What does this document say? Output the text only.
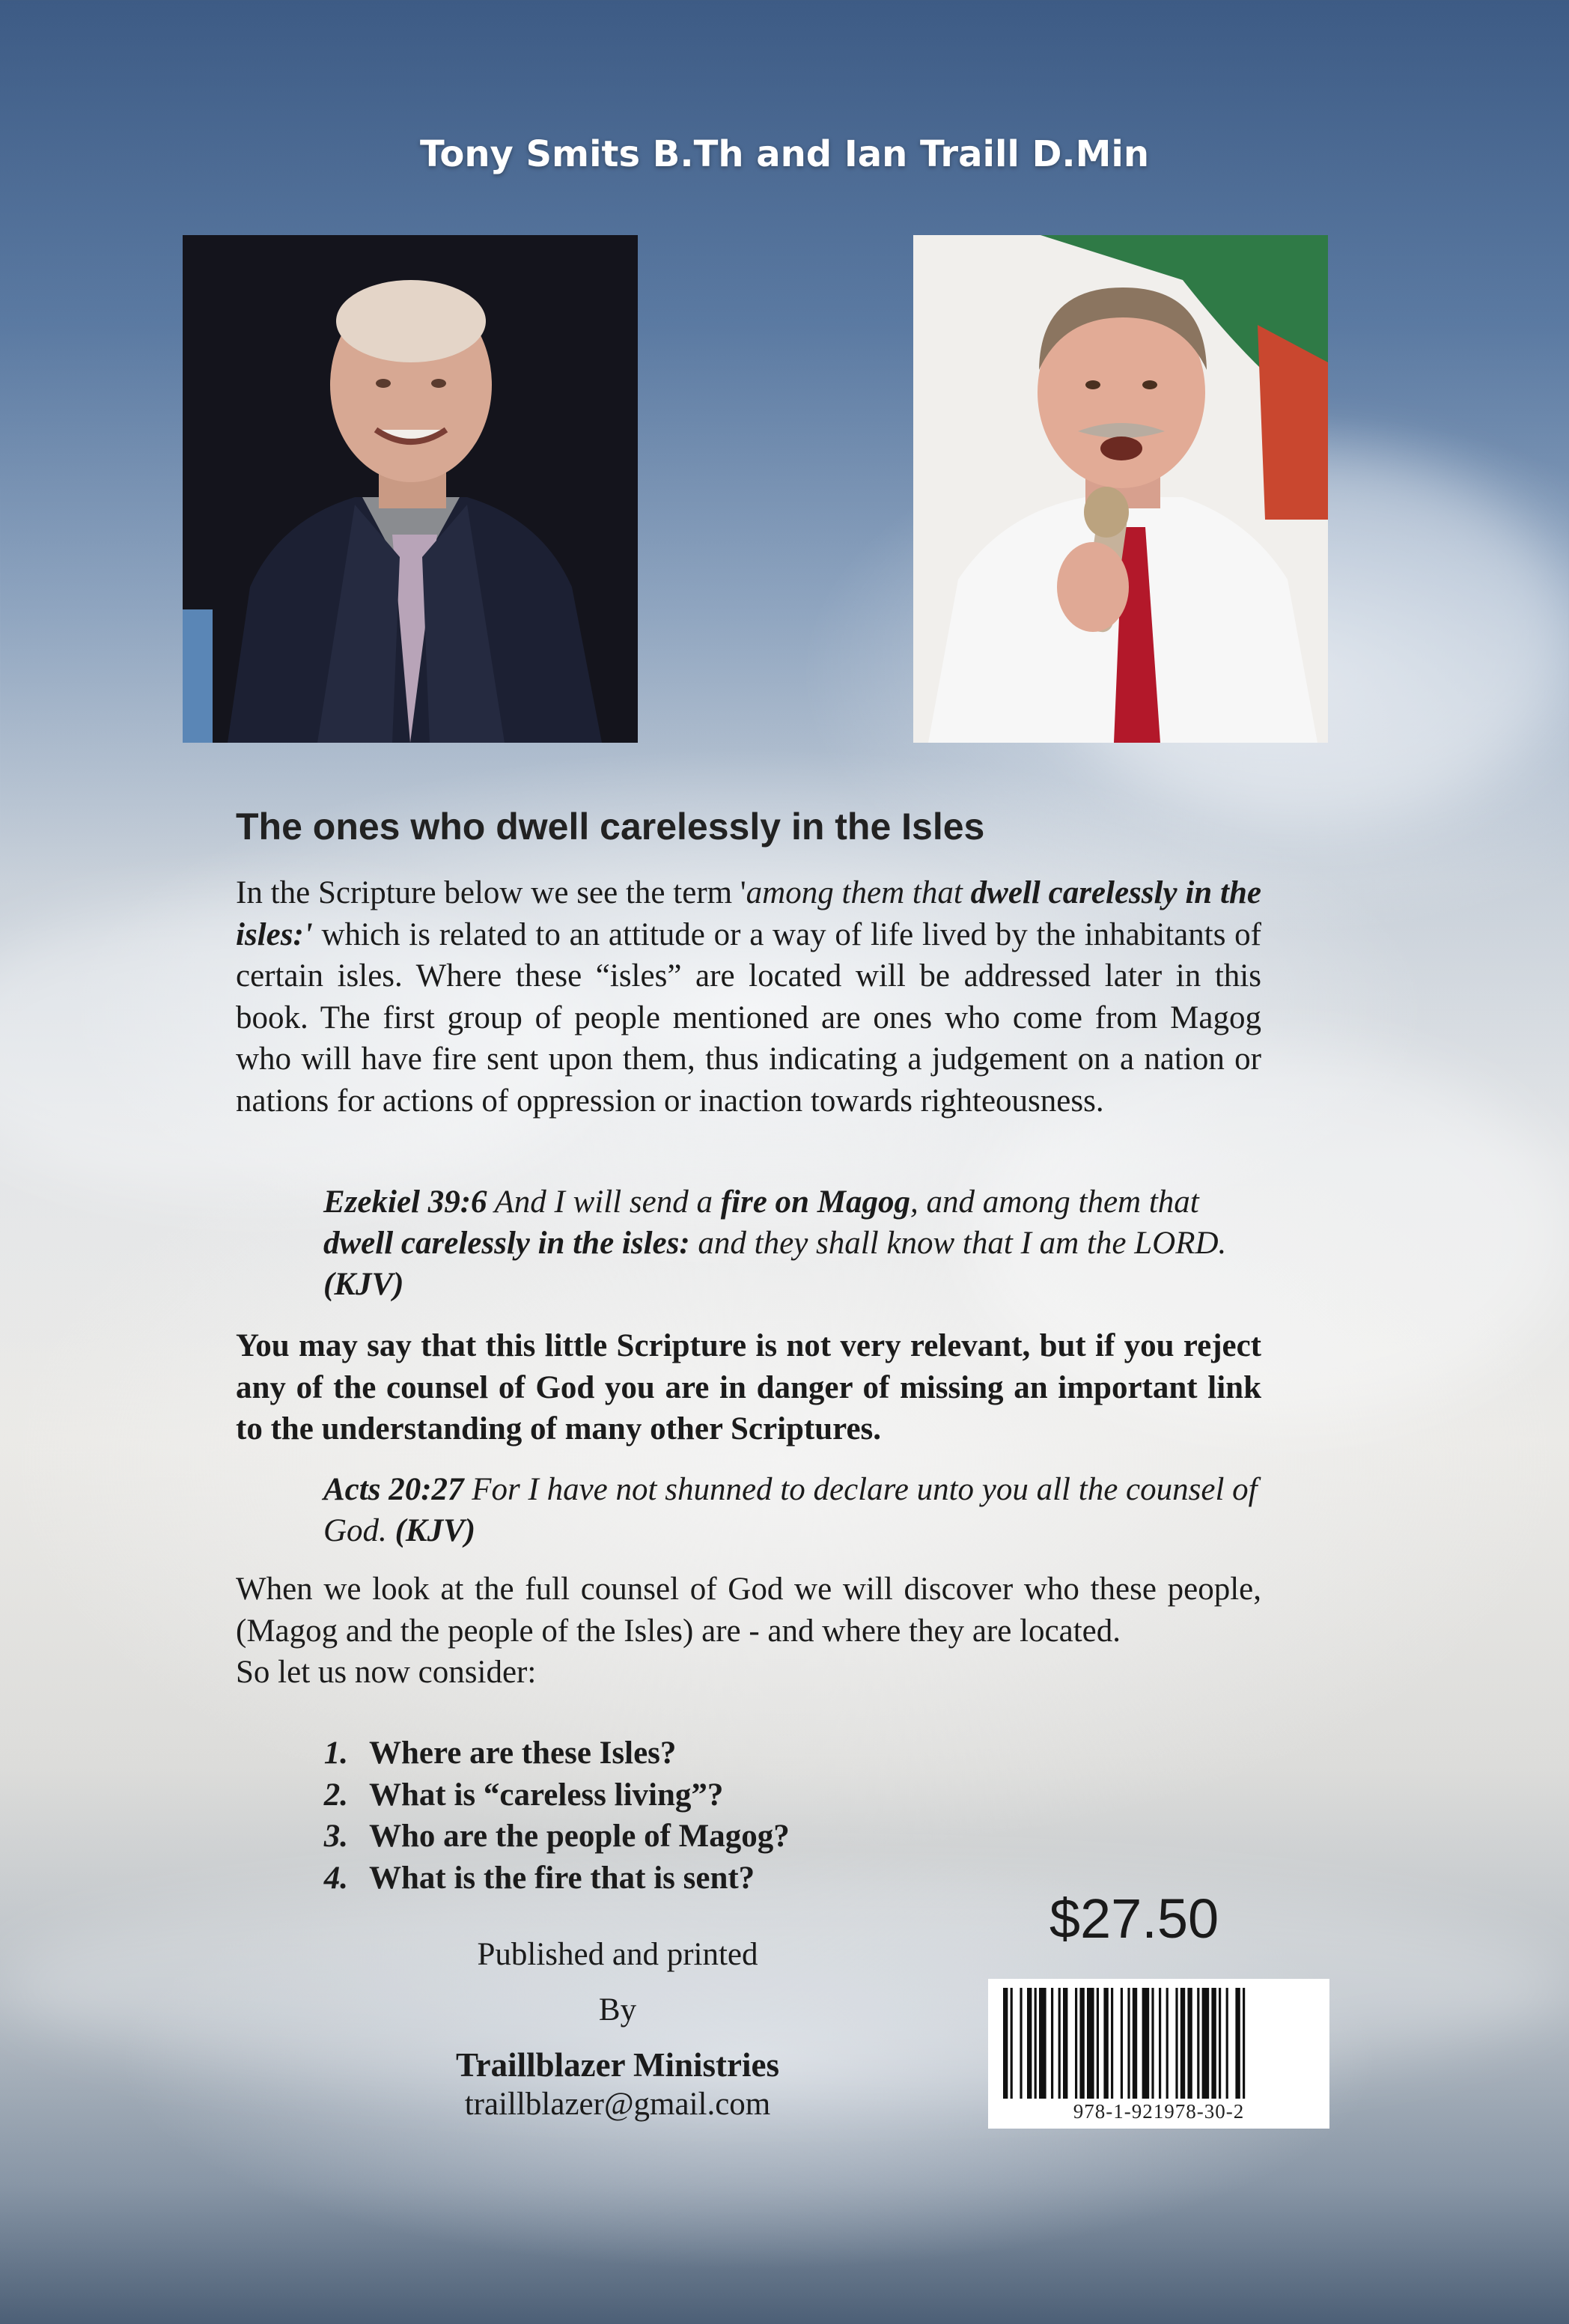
Tony Smits B.Th and Ian Traill D.Min
The ones who dwell carelessly in the Isles
In the Scripture below we see the term 'among them that dwell carelessly in the isles:' which is related to an attitude or a way of life lived by the inhabitants of certain isles. Where these “isles” are located will be addressed later in this book. The first group of people mentioned are ones who come from Magog who will have fire sent upon them, thus indicating a judgement on a nation or nations for actions of oppression or inaction towards righteousness.
Ezekiel 39:6 And I will send a fire on Magog, and among them that dwell carelessly in the isles: and they shall know that I am the LORD. (KJV)
You may say that this little Scripture is not very relevant, but if you reject any of the counsel of God you are in danger of missing an important link to the understanding of many other Scriptures.
Acts 20:27 For I have not shunned to declare unto you all the counsel of God. (KJV)
When we look at the full counsel of God we will discover who these people, (Magog and the people of the Isles) are - and where they are located.
So let us now consider:
1. Where are these Isles?
2. What is “careless living”?
3. Who are the people of Magog?
4. What is the fire that is sent?
Published and printed
By
Traillblazer Ministries
traillblazer@gmail.com
$27.50
978-1-921978-30-2
